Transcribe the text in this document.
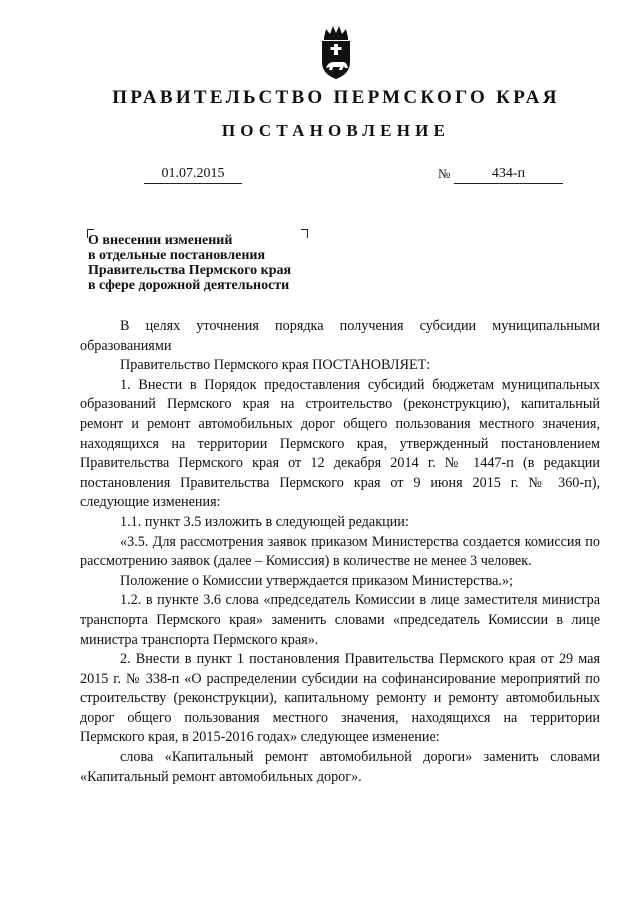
ПРАВИТЕЛЬСТВО ПЕРМСКОГО КРАЯ
ПОСТАНОВЛЕНИЕ
01.07.2015	№	434-п
О внесении изменений
в отдельные постановления
Правительства Пермского края
в сфере дорожной деятельности

В целях уточнения порядка получения субсидии муниципальными образованиями

Правительство Пермского края ПОСТАНОВЛЯЕТ:

1. Внести в Порядок предоставления субсидий бюджетам муниципальных образований Пермского края на строительство (реконструкцию), капитальный ремонт и ремонт автомобильных дорог общего пользования местного значения, находящихся на территории Пермского края, утвержденный постановлением Правительства Пермского края от 12 декабря 2014 г. № 1447-п (в редакции постановления Правительства Пермского края от 9 июня 2015 г. № 360-п), следующие изменения:

1.1. пункт 3.5 изложить в следующей редакции:

«3.5. Для рассмотрения заявок приказом Министерства создается комиссия по рассмотрению заявок (далее – Комиссия) в количестве не менее 3 человек.

Положение о Комиссии утверждается приказом Министерства.»;

1.2. в пункте 3.6 слова «председатель Комиссии в лице заместителя министра транспорта Пермского края» заменить словами «председатель Комиссии в лице министра транспорта Пермского края».

2. Внести в пункт 1 постановления Правительства Пермского края от 29 мая 2015 г. № 338-п «О распределении субсидии на софинансирование мероприятий по строительству (реконструкции), капитальному ремонту и ремонту автомобильных дорог общего пользования местного значения, находящихся на территории Пермского края, в 2015-2016 годах» следующее изменение:

слова «Капитальный ремонт автомобильной дороги» заменить словами «Капитальный ремонт автомобильных дорог».
